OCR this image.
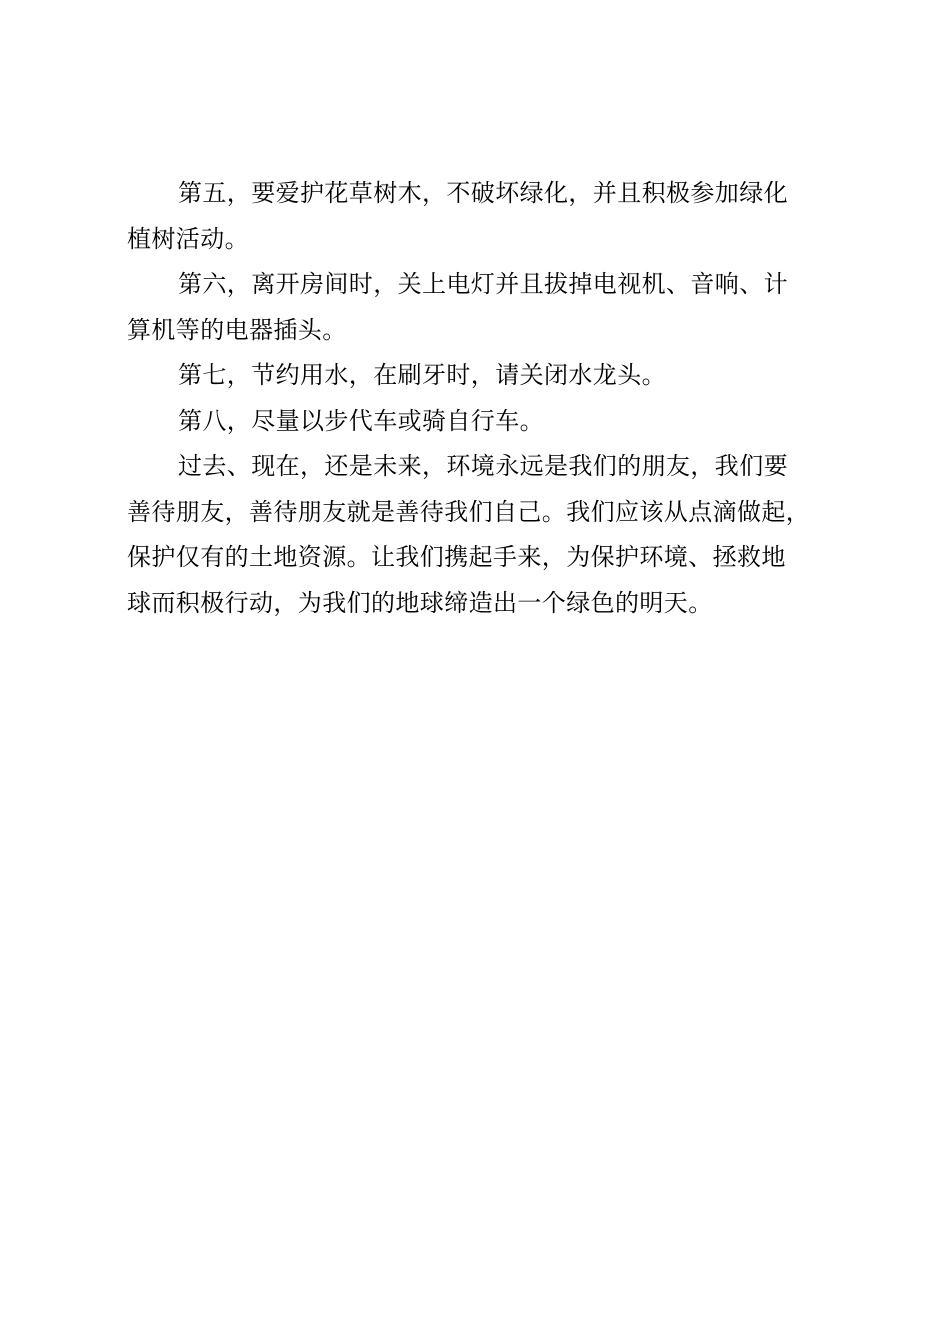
第五，要爱护花草树木，不破坏绿化，并且积极参加绿化
植树活动。

第六，离开房间时，关上电灯并且拔掉电视机、音响、计
算机等的电器插头。

第七，节约用水，在刷牙时，请关闭水龙头。

第八，尽量以步代车或骑自行车。

过去、现在，还是未来，环境永远是我们的朋友，我们要
善待朋友，善待朋友就是善待我们自己。我们应该从点滴做起，
保护仅有的土地资源。让我们携起手来，为保护环境、拯救地
球而积极行动，为我们的地球缔造出一个绿色的明天。
